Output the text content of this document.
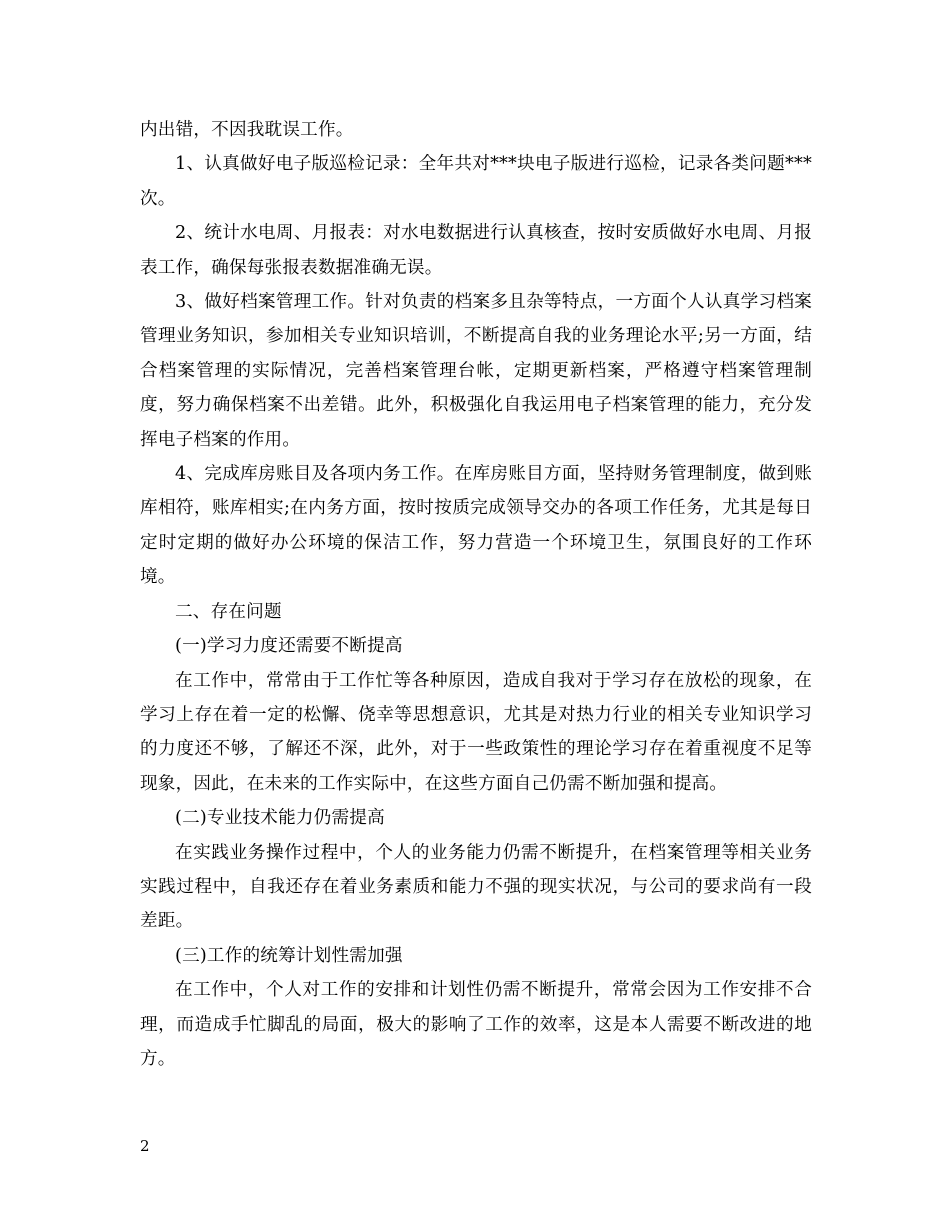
内出错，不因我耽误工作。

1、认真做好电子版巡检记录：全年共对***块电子版进行巡检，记录各类问题***次。

2、统计水电周、月报表：对水电数据进行认真核查，按时安质做好水电周、月报表工作，确保每张报表数据准确无误。

3、做好档案管理工作。针对负责的档案多且杂等特点，一方面个人认真学习档案管理业务知识，参加相关专业知识培训，不断提高自我的业务理论水平;另一方面，结合档案管理的实际情况，完善档案管理台帐，定期更新档案，严格遵守档案管理制度，努力确保档案不出差错。此外，积极强化自我运用电子档案管理的能力，充分发挥电子档案的作用。

4、完成库房账目及各项内务工作。在库房账目方面，坚持财务管理制度，做到账库相符，账库相实;在内务方面，按时按质完成领导交办的各项工作任务，尤其是每日定时定期的做好办公环境的保洁工作，努力营造一个环境卫生，氛围良好的工作环境。

二、存在问题

(一)学习力度还需要不断提高

在工作中，常常由于工作忙等各种原因，造成自我对于学习存在放松的现象，在学习上存在着一定的松懈、侥幸等思想意识，尤其是对热力行业的相关专业知识学习的力度还不够，了解还不深，此外，对于一些政策性的理论学习存在着重视度不足等现象，因此，在未来的工作实际中，在这些方面自己仍需不断加强和提高。

(二)专业技术能力仍需提高

在实践业务操作过程中，个人的业务能力仍需不断提升，在档案管理等相关业务实践过程中，自我还存在着业务素质和能力不强的现实状况，与公司的要求尚有一段差距。

(三)工作的统筹计划性需加强

在工作中，个人对工作的安排和计划性仍需不断提升，常常会因为工作安排不合理，而造成手忙脚乱的局面，极大的影响了工作的效率，这是本人需要不断改进的地方。

2
